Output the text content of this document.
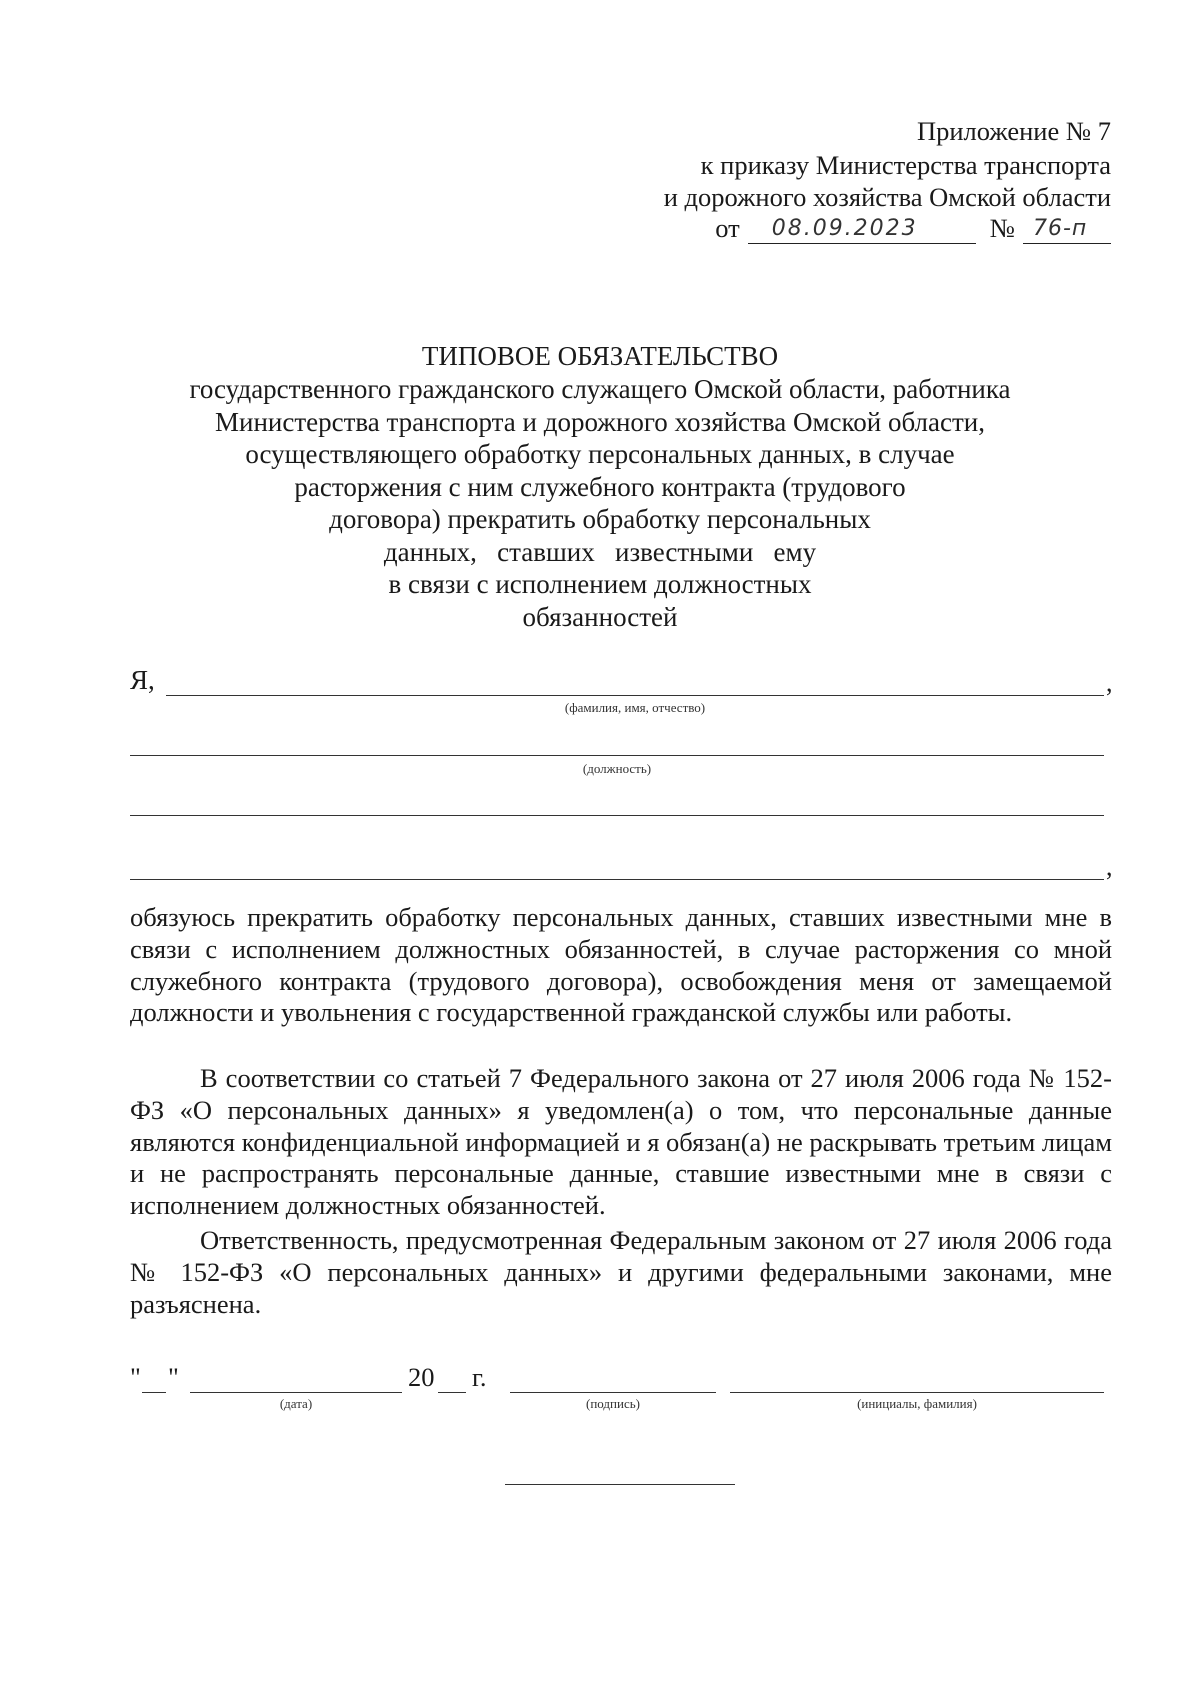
Приложение № 7
к приказу Министерства транспорта
и дорожного хозяйства Омской области
от 08.09.2023	№ 76-п
ТИПОВОЕ ОБЯЗАТЕЛЬСТВО
государственного гражданского служащего Омской области, работника
Министерства транспорта и дорожного хозяйства Омской области,
осуществляющего обработку персональных данных, в случае
расторжения с ним служебного контракта (трудового
договора) прекратить обработку персональных
данных,   ставших   известными   ему
в связи с исполнением должностных
обязанностей
Я,	,
(фамилия, имя, отчество)
(должность)
,
обязуюсь прекратить обработку персональных данных, ставших известными мне в связи с исполнением должностных обязанностей, в случае расторжения со мной служебного контракта (трудового договора), освобождения меня от замещаемой должности и увольнения с государственной гражданской службы или работы.
В соответствии со статьей 7 Федерального закона от 27 июля 2006 года № 152-ФЗ «О персональных данных» я уведомлен(а) о том, что персональные данные являются конфиденциальной информацией и я обязан(а) не раскрывать третьим лицам и не распространять персональные данные, ставшие известными мне в связи с исполнением должностных обязанностей.
Ответственность, предусмотренная Федеральным законом от 27 июля 2006 года № 152-ФЗ «О персональных данных» и другими федеральными законами, мне разъяснена.
" "
(дата)
20 г.
(подпись)	(инициалы, фамилия)
